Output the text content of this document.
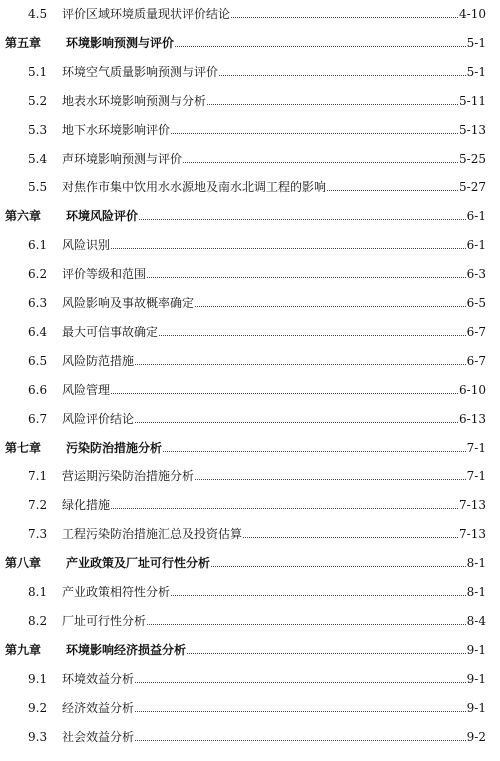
4.5 评价区域环境质量现状评价结论	4-10
第五章 环境影响预测与评价	5-1
5.1 环境空气质量影响预测与评价	5-1
5.2 地表水环境影响预测与分析	5-11
5.3 地下水环境影响评价	5-13
5.4 声环境影响预测与评价	5-25
5.5 对焦作市集中饮用水水源地及南水北调工程的影响	5-27
第六章 环境风险评价	6-1
6.1 风险识别	6-1
6.2 评价等级和范围	6-3
6.3 风险影响及事故概率确定	6-5
6.4 最大可信事故确定	6-7
6.5 风险防范措施	6-7
6.6 风险管理	6-10
6.7 风险评价结论	6-13
第七章 污染防治措施分析	7-1
7.1 营运期污染防治措施分析	7-1
7.2 绿化措施	7-13
7.3 工程污染防治措施汇总及投资估算	7-13
第八章 产业政策及厂址可行性分析	8-1
8.1 产业政策相符性分析	8-1
8.2 厂址可行性分析	8-4
第九章 环境影响经济损益分析	9-1
9.1 环境效益分析	9-1
9.2 经济效益分析	9-1
9.3 社会效益分析	9-2
